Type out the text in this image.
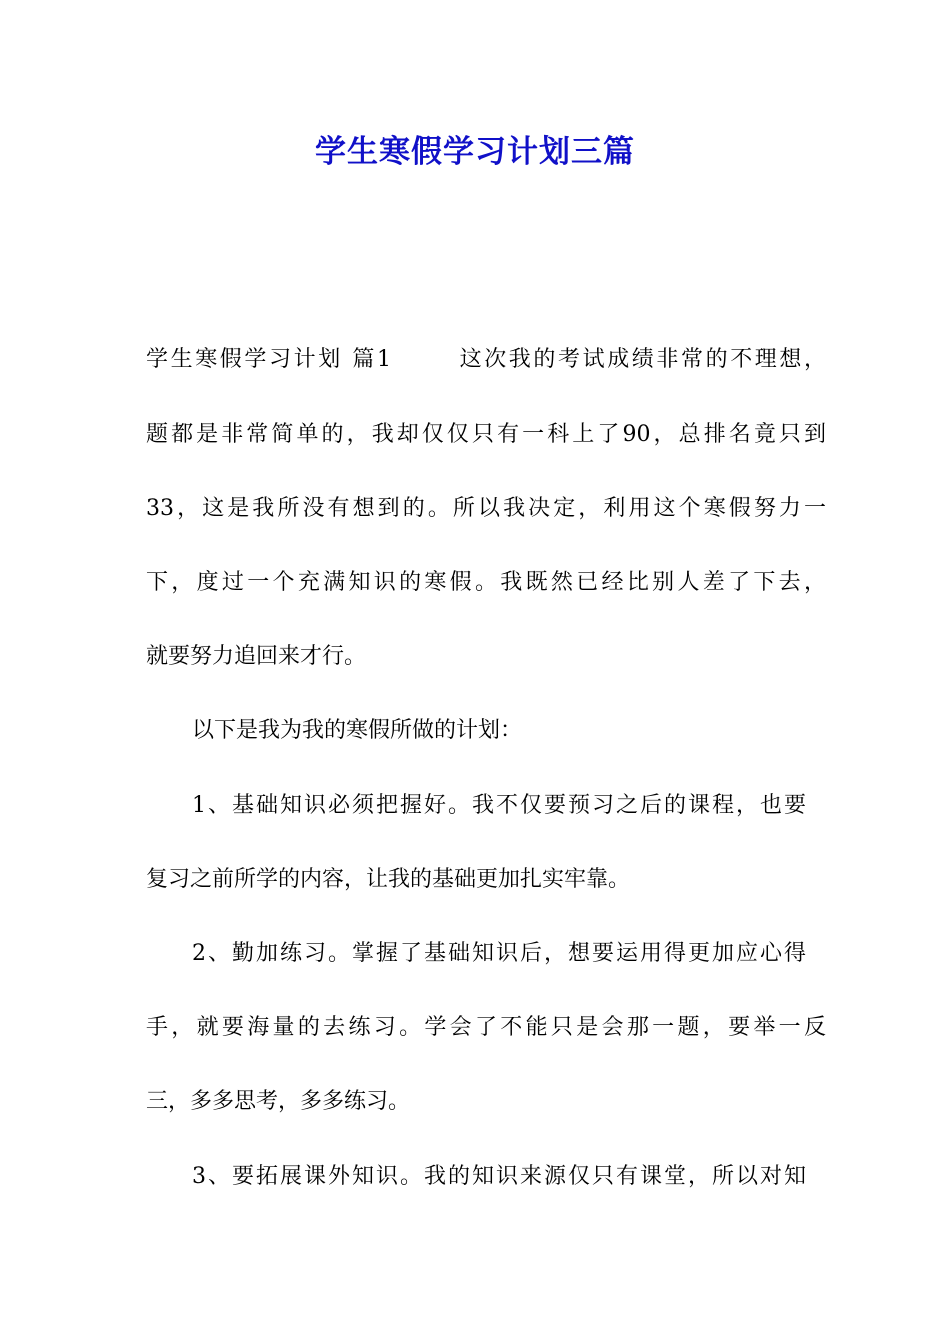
学生寒假学习计划三篇
学生寒假学习计划 篇1	这次我的考试成绩非常的不理想，
题都是非常简单的，我却仅仅只有一科上了90，总排名竟只到
33，这是我所没有想到的。所以我决定，利用这个寒假努力一
下，度过一个充满知识的寒假。我既然已经比别人差了下去，
就要努力追回来才行。
以下是我为我的寒假所做的计划：
1、基础知识必须把握好。我不仅要预习之后的课程，也要
复习之前所学的内容，让我的基础更加扎实牢靠。
2、勤加练习。掌握了基础知识后，想要运用得更加应心得
手，就要海量的去练习。学会了不能只是会那一题，要举一反
三，多多思考，多多练习。
3、要拓展课外知识。我的知识来源仅只有课堂，所以对知
